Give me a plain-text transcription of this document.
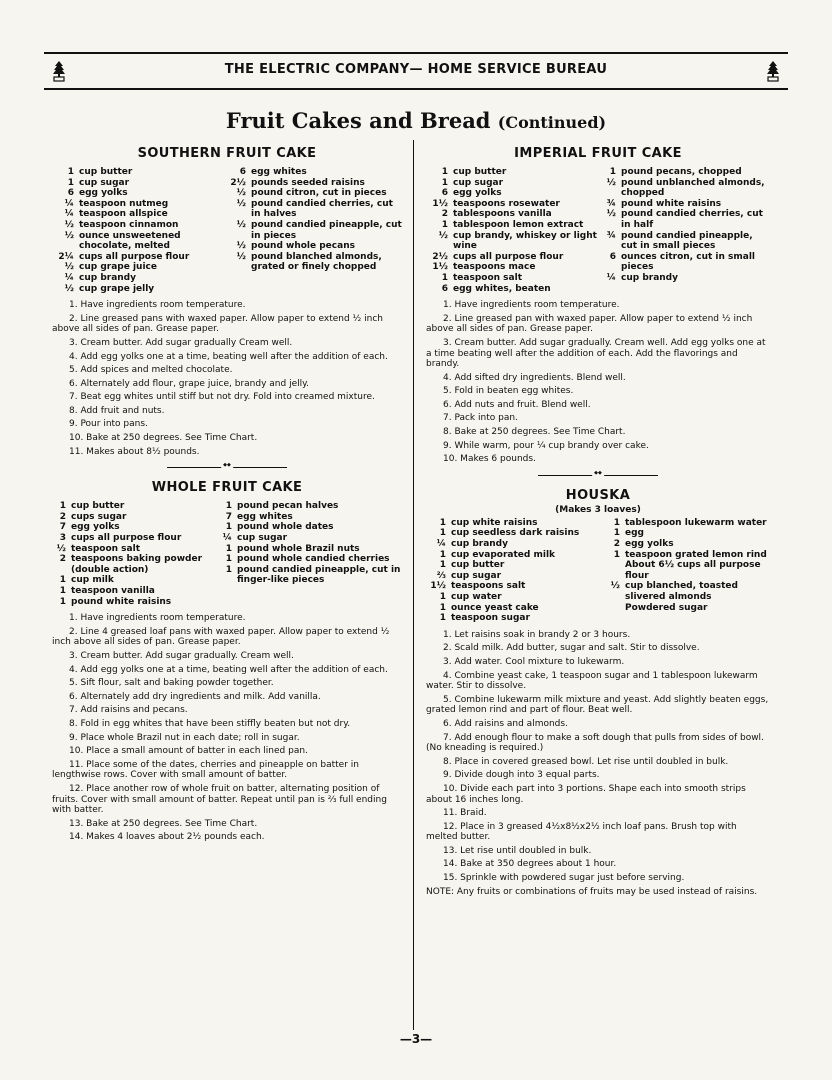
THE ELECTRIC COMPANY— HOME SERVICE BUREAU
Fruit Cakes and Bread (Continued)
SOUTHERN FRUIT CAKE
1 cup butter
1 cup sugar
6 egg yolks
¼ teaspoon nutmeg
¼ teaspoon allspice
½ teaspoon cinnamon
½ ounce unsweetened chocolate, melted
2¼ cups all purpose flour
½ cup grape juice
¼ cup brandy
½ cup grape jelly
6 egg whites
2½ pounds seeded raisins
½ pound citron, cut in pieces
½ pound candied cherries, cut in halves
½ pound candied pineapple, cut in pieces
½ pound whole pecans
½ pound blanched almonds, grated or finely chopped

1. Have ingredients room temperature.

2. Line greased pans with waxed paper. Allow paper to extend ½ inch above all sides of pan. Grease paper.

3. Cream butter. Add sugar gradually Cream well.

4. Add egg yolks one at a time, beating well after the addition of each.

5. Add spices and melted chocolate.

6. Alternately add flour, grape juice, brandy and jelly.

7. Beat egg whites until stiff but not dry. Fold into creamed mixture.

8. Add fruit and nuts.

9. Pour into pans.

10. Bake at 250 degrees. See Time Chart.

11. Makes about 8½ pounds.

◆◆
WHOLE FRUIT CAKE
1 cup butter
2 cups sugar
7 egg yolks
3 cups all purpose flour
½ teaspoon salt
2 teaspoons baking powder (double action)
1 cup milk
1 teaspoon vanilla
1 pound white raisins
1 pound pecan halves
7 egg whites
1 pound whole dates
¼ cup sugar
1 pound whole Brazil nuts
1 pound whole candied cherries
1 pound candied pineapple, cut in finger-like pieces

1. Have ingredients room temperature.

2. Line 4 greased loaf pans with waxed paper. Allow paper to extend ½ inch above all sides of pan. Grease paper.

3. Cream butter. Add sugar gradually. Cream well.

4. Add egg yolks one at a time, beating well after the addition of each.

5. Sift flour, salt and baking powder together.

6. Alternately add dry ingredients and milk. Add vanilla.

7. Add raisins and pecans.

8. Fold in egg whites that have been stiffly beaten but not dry.

9. Place whole Brazil nut in each date; roll in sugar.

10. Place a small amount of batter in each lined pan.

11. Place some of the dates, cherries and pineapple on batter in lengthwise rows. Cover with small amount of batter.

12. Place another row of whole fruit on batter, alternating position of fruits. Cover with small amount of batter. Repeat until pan is ⅔ full ending with batter.

13. Bake at 250 degrees. See Time Chart.

14. Makes 4 loaves about 2½ pounds each.

IMPERIAL FRUIT CAKE
1 cup butter
1 cup sugar
6 egg yolks
1½ teaspoons rosewater
2 tablespoons vanilla
1 tablespoon lemon extract
½ cup brandy, whiskey or light wine
2½ cups all purpose flour
1½ teaspoons mace
1 teaspoon salt
6 egg whites, beaten
1 pound pecans, chopped
½ pound unblanched almonds, chopped
¾ pound white raisins
½ pound candied cherries, cut in half
¾ pound candied pineapple, cut in small pieces
6 ounces citron, cut in small pieces
¼ cup brandy

1. Have ingredients room temperature.

2. Line greased pan with waxed paper. Allow paper to extend ½ inch above all sides of pan. Grease paper.

3. Cream butter. Add sugar gradually. Cream well. Add egg yolks one at a time beating well after the addition of each. Add the flavorings and brandy.

4. Add sifted dry ingredients. Blend well.

5. Fold in beaten egg whites.

6. Add nuts and fruit. Blend well.

7. Pack into pan.

8. Bake at 250 degrees. See Time Chart.

9. While warm, pour ¼ cup brandy over cake.

10. Makes 6 pounds.

◆◆
HOUSKA
(Makes 3 loaves)
1 cup white raisins
1 cup seedless dark raisins
¼ cup brandy
1 cup evaporated milk
1 cup butter
⅔ cup sugar
1½ teaspoons salt
1 cup water
1 ounce yeast cake
1 teaspoon sugar
1 tablespoon lukewarm water
1 egg
2 egg yolks
1 teaspoon grated lemon rind
About 6½ cups all purpose flour
½ cup blanched, toasted slivered almonds
Powdered sugar

1. Let raisins soak in brandy 2 or 3 hours.

2. Scald milk. Add butter, sugar and salt. Stir to dissolve.

3. Add water. Cool mixture to lukewarm.

4. Combine yeast cake, 1 teaspoon sugar and 1 tablespoon lukewarm water. Stir to dissolve.

5. Combine lukewarm milk mixture and yeast. Add slightly beaten eggs, grated lemon rind and part of flour. Beat well.

6. Add raisins and almonds.

7. Add enough flour to make a soft dough that pulls from sides of bowl. (No kneading is required.)

8. Place in covered greased bowl. Let rise until doubled in bulk.

9. Divide dough into 3 equal parts.

10. Divide each part into 3 portions. Shape each into smooth strips about 16 inches long.

11. Braid.

12. Place in 3 greased 4½x8½x2½ inch loaf pans. Brush top with melted butter.

13. Let rise until doubled in bulk.

14. Bake at 350 degrees about 1 hour.

15. Sprinkle with powdered sugar just before serving.

NOTE: Any fruits or combinations of fruits may be used instead of raisins.

—3—
